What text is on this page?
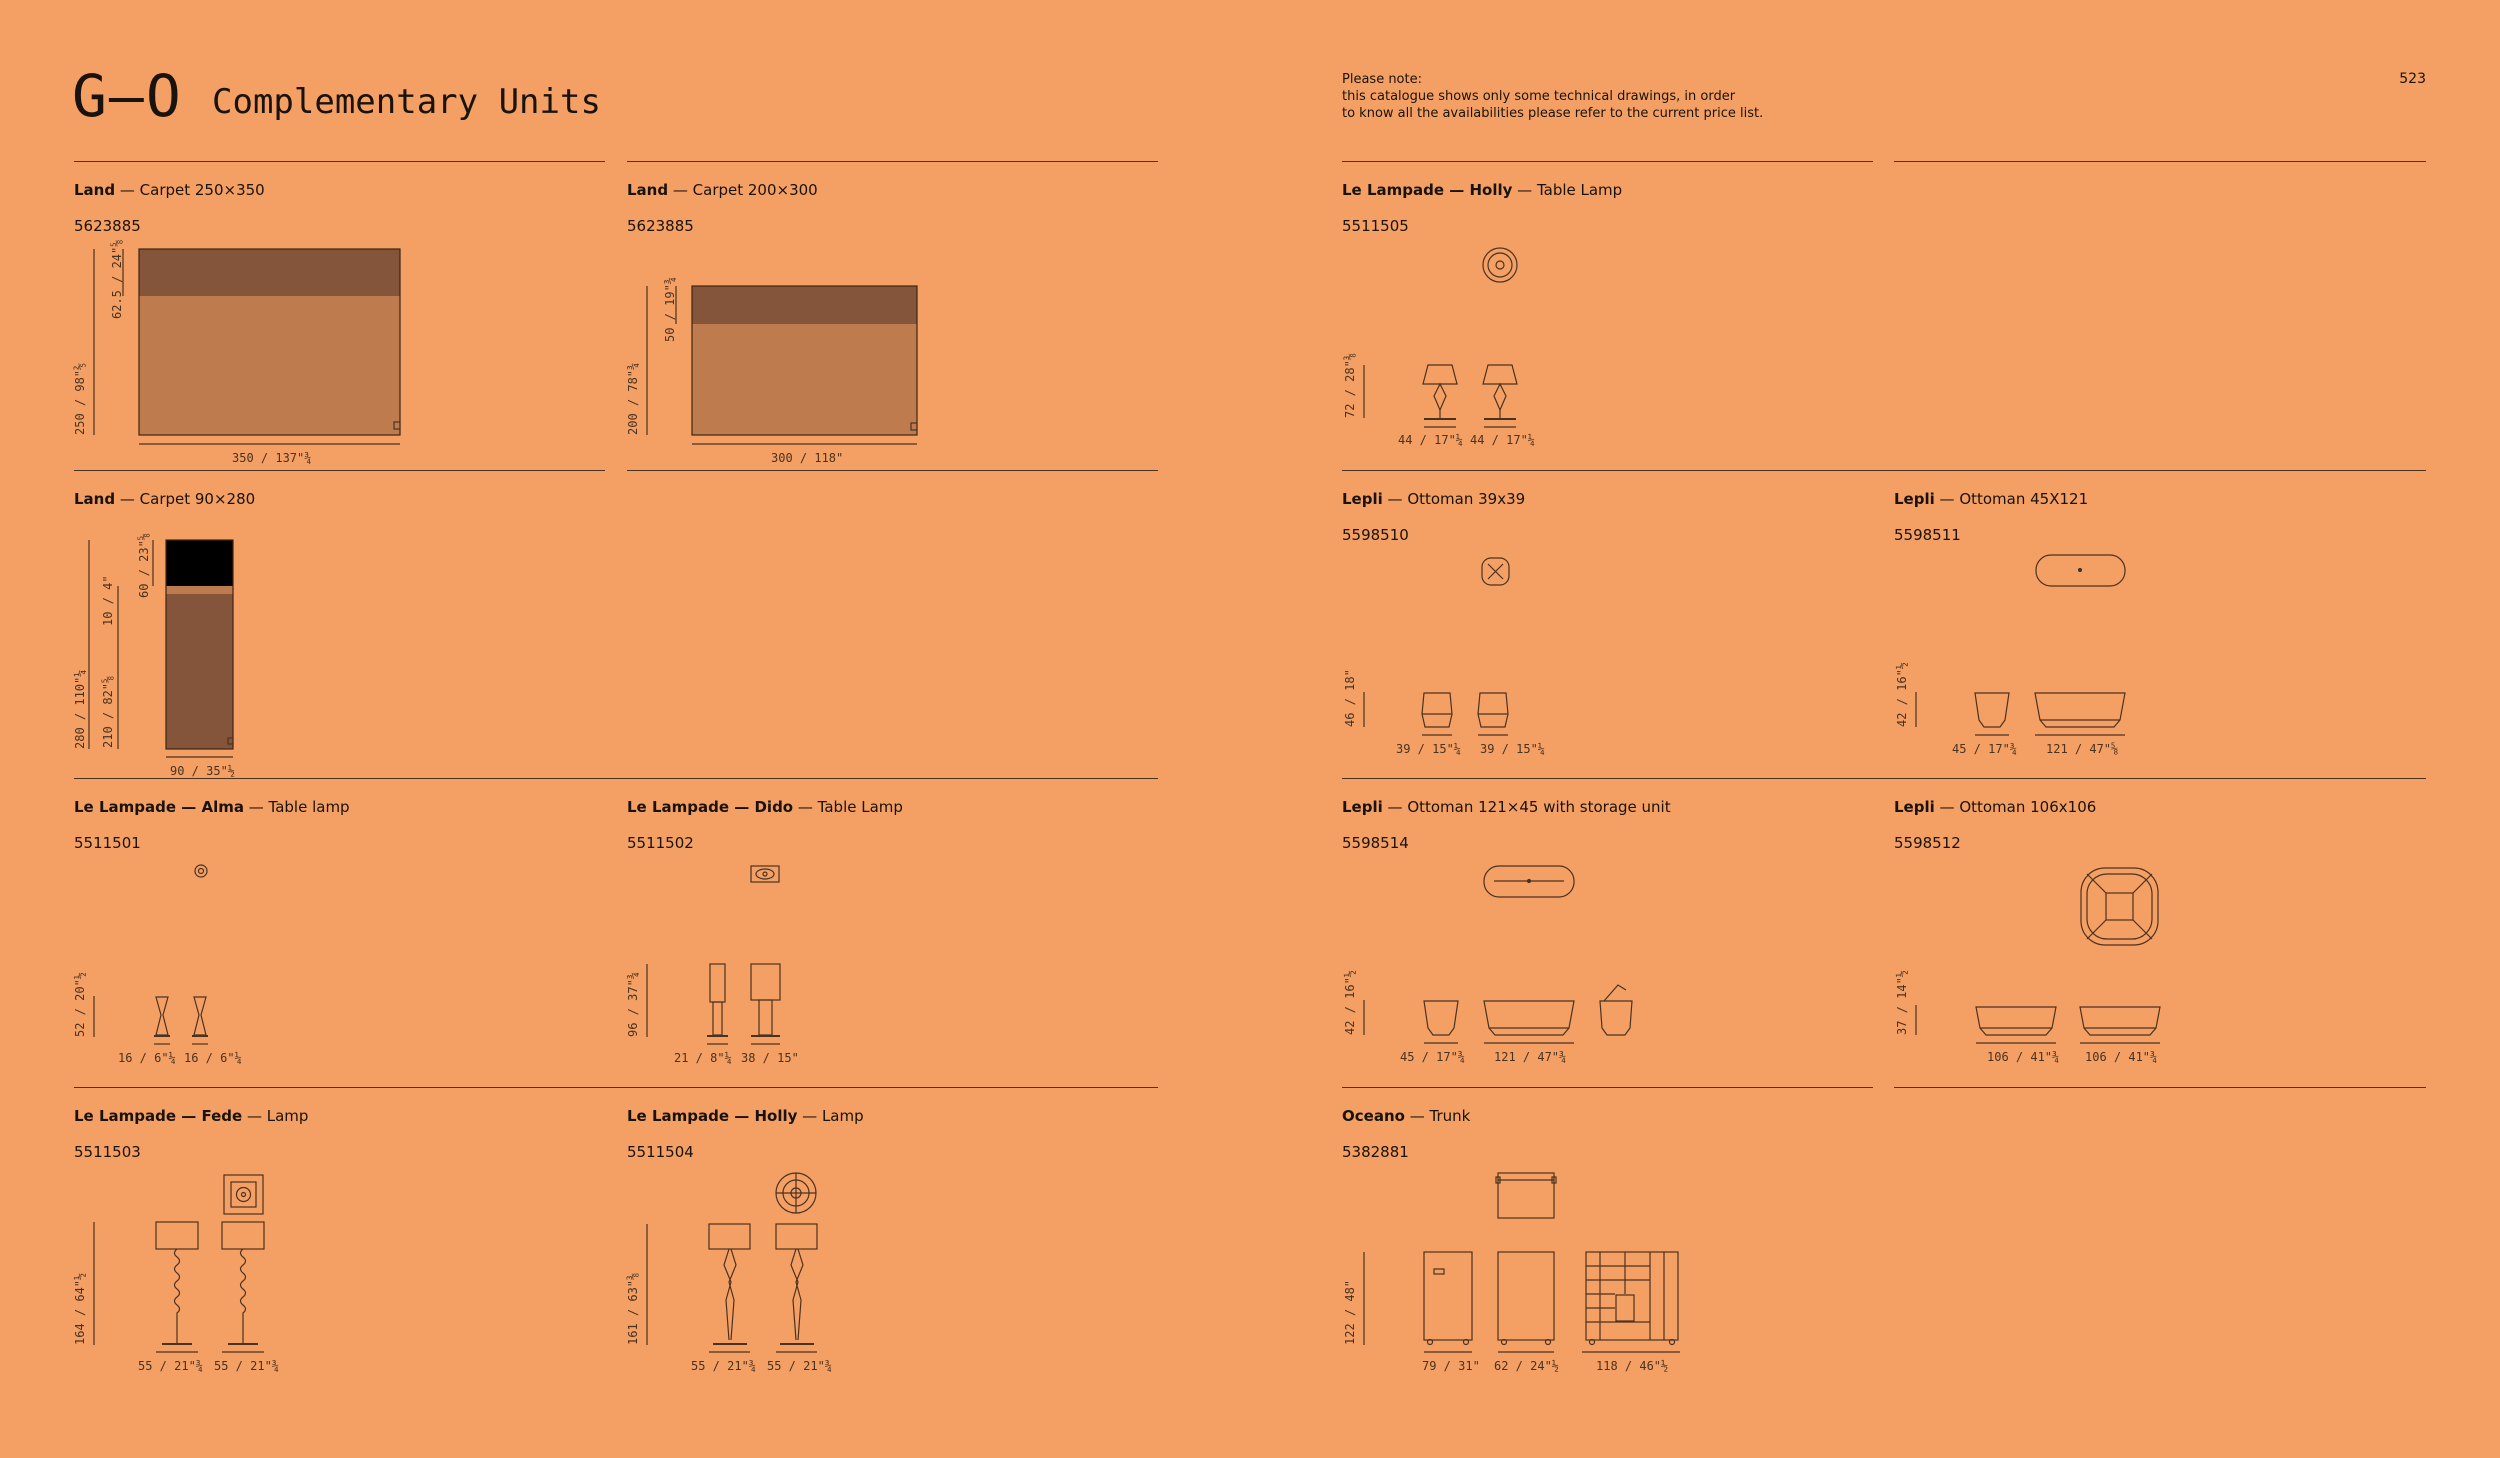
G–O Complementary Units
Please note:
this catalogue shows only some technical drawings, in order
to know all the availabilities please refer to the current price list.
523
Land — Carpet 250×350
5623885
Land — Carpet 200×300
5623885
Le Lampade — Holly — Table Lamp
5511505
Land — Carpet 90×280	Lepli — Ottoman 39x39
5598510
Lepli — Ottoman 45X121
5598511
Le Lampade — Alma — Table lamp
5511501
Le Lampade — Dido — Table Lamp
5511502
Lepli — Ottoman 121×45 with storage unit
5598514
Lepli — Ottoman 106x106
5598512
Le Lampade — Fede — Lamp
5511503
Le Lampade — Holly — Lamp
5511504
Oceano — Trunk
5382881
62.5 / 24"⅝
250 / 98"⅖
350 / 137"¾
50 / 19"¾
200 / 78"¾
300 / 118"
60 / 23"⅝
10 / 4"
210 / 82"⅝
280 / 110"¼
90 / 35"½
72 / 28"⅜
44 / 17"¼ 44 / 17"¼
46 / 18"
39 / 15"¼ 39 / 15"¼
42 / 16"½
45 / 17"¾ 121 / 47"⅝
52 / 20"½
16 / 6"¼ 16 / 6"¼
96 / 37"¾
21 / 8"¼ 38 / 15"
42 / 16"½
45 / 17"¾ 121 / 47"¾
37 / 14"½
106 / 41"¾ 106 / 41"¾
164 / 64"½
55 / 21"¾ 55 / 21"¾
161 / 63"⅜
55 / 21"¾ 55 / 21"¾
122 / 48"
79 / 31" 62 / 24"½	118 / 46"½
